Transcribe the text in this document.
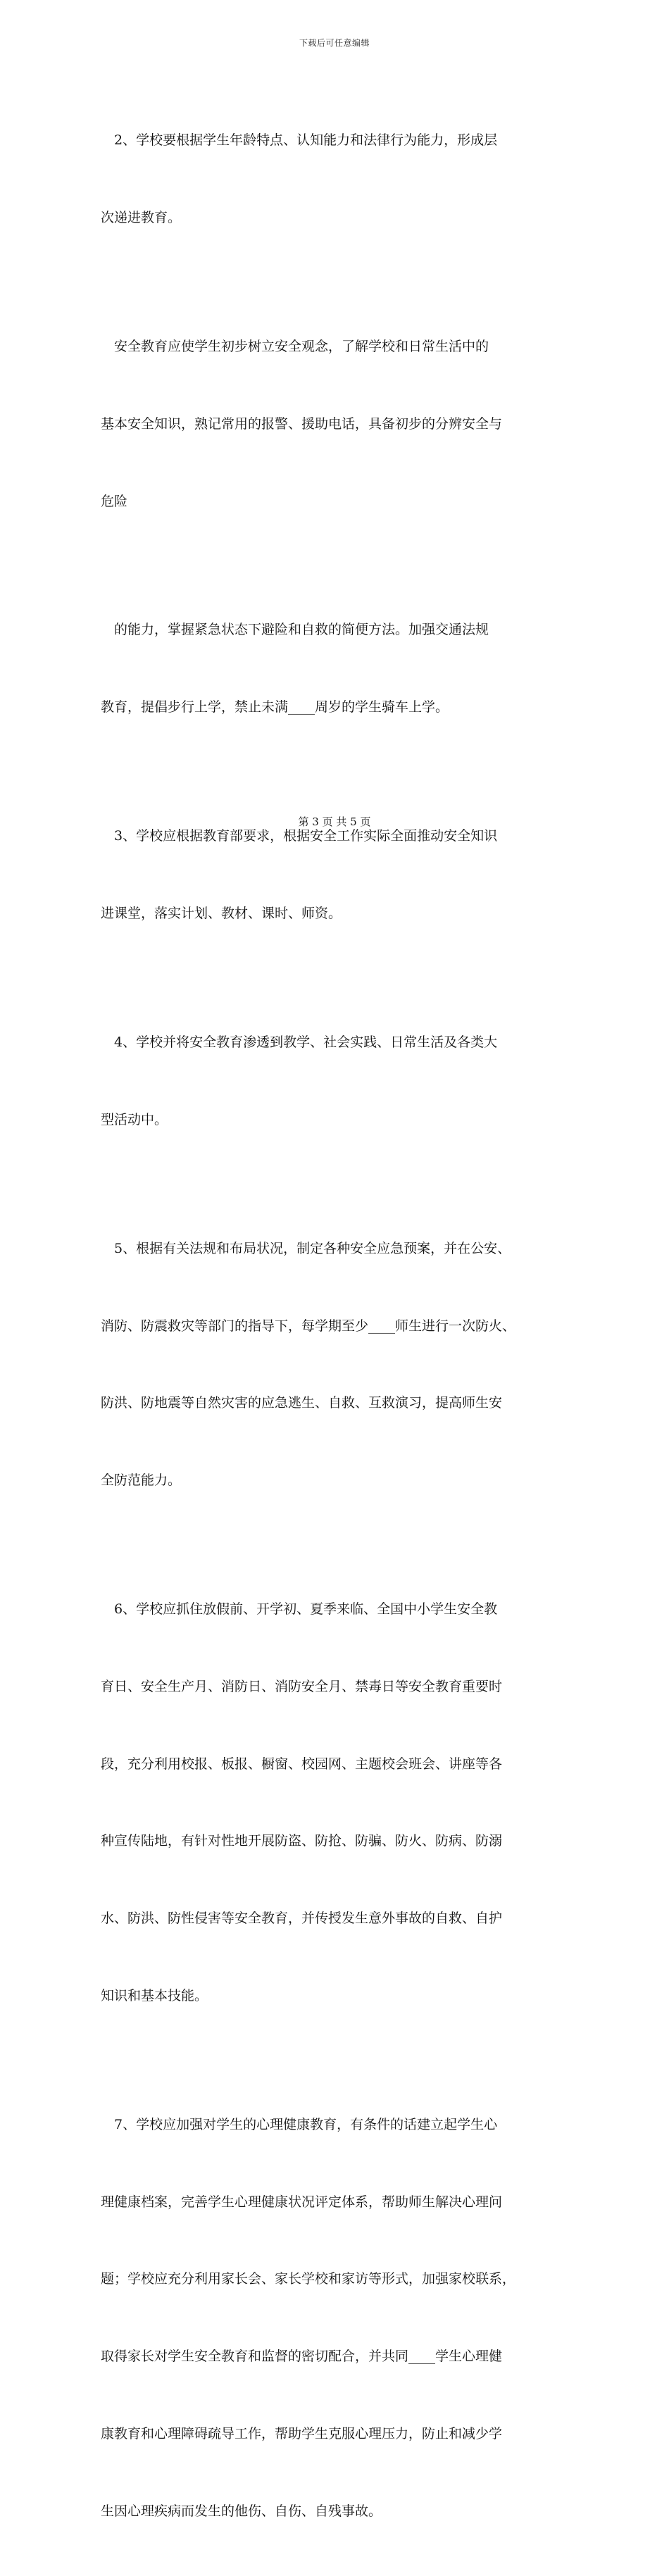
下载后可任意编辑

　2、学校要根据学生年龄特点、认知能力和法律行为能力，形成层

次递进教育。

　安全教育应使学生初步树立安全观念，了解学校和日常生活中的

基本安全知识，熟记常用的报警、援助电话，具备初步的分辨安全与

危险

　的能力，掌握紧急状态下避险和自救的简便方法。加强交通法规

教育，提倡步行上学，禁止未满____周岁的学生骑车上学。

　3、学校应根据教育部要求，根据安全工作实际全面推动安全知识

进课堂，落实计划、教材、课时、师资。

　4、学校并将安全教育渗透到教学、社会实践、日常生活及各类大

型活动中。

　5、根据有关法规和布局状况，制定各种安全应急预案，并在公安、

消防、防震救灾等部门的指导下，每学期至少____师生进行一次防火、

防洪、防地震等自然灾害的应急逃生、自救、互救演习，提高师生安

全防范能力。

　6、学校应抓住放假前、开学初、夏季来临、全国中小学生安全教

育日、安全生产月、消防日、消防安全月、禁毒日等安全教育重要时

段，充分利用校报、板报、橱窗、校园网、主题校会班会、讲座等各

种宣传陆地，有针对性地开展防盗、防抢、防骗、防火、防病、防溺

水、防洪、防性侵害等安全教育，并传授发生意外事故的自救、自护

知识和基本技能。

　7、学校应加强对学生的心理健康教育，有条件的话建立起学生心

理健康档案，完善学生心理健康状况评定体系，帮助师生解决心理问

题；学校应充分利用家长会、家长学校和家访等形式，加强家校联系，

取得家长对学生安全教育和监督的密切配合，并共同____学生心理健

康教育和心理障碍疏导工作，帮助学生克服心理压力，防止和减少学

生因心理疾病而发生的他伤、自伤、自残事故。

第 3 页 共 5 页
